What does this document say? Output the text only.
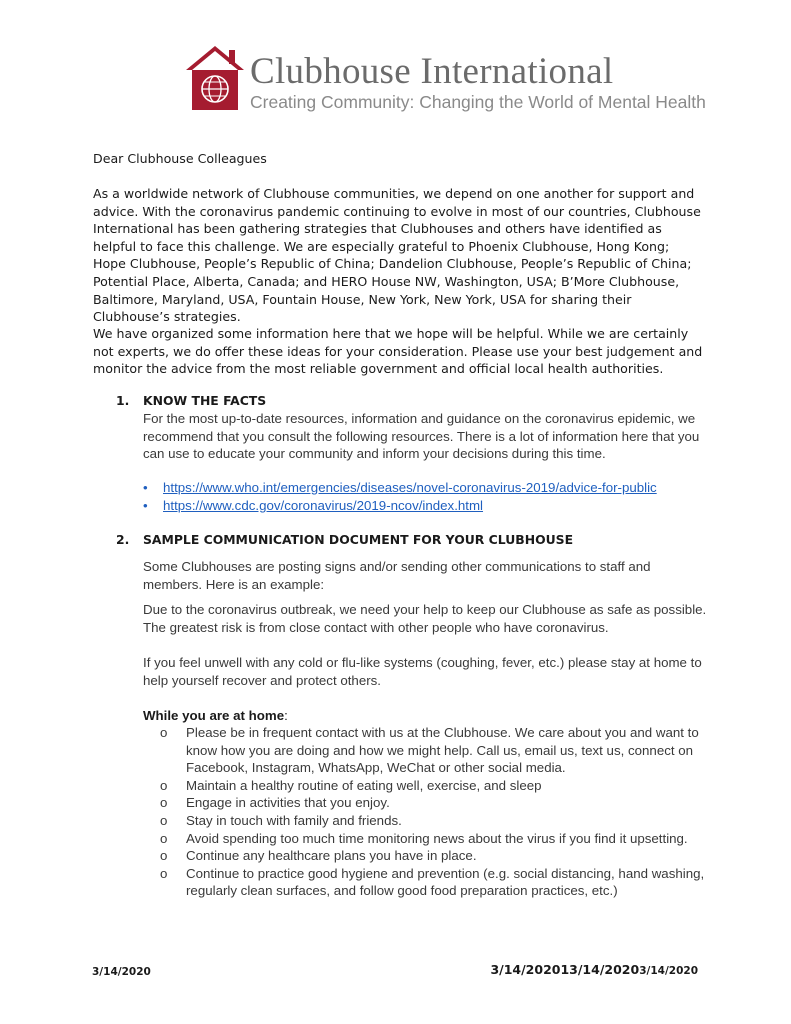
Clubhouse International
Creating Community: Changing the World of Mental Health
Dear Clubhouse Colleagues
As a worldwide network of Clubhouse communities, we depend on one another for support and advice. With the coronavirus pandemic continuing to evolve in most of our countries, Clubhouse International has been gathering strategies that Clubhouses and others have identified as helpful to face this challenge. We are especially grateful to Phoenix Clubhouse, Hong Kong; Hope Clubhouse, People’s Republic of China; Dandelion Clubhouse, People’s Republic of China; Potential Place, Alberta, Canada; and HERO House NW, Washington, USA; B’More Clubhouse, Baltimore, Maryland, USA, Fountain House, New York, New York, USA for sharing their Clubhouse’s strategies.
We have organized some information here that we hope will be helpful. While we are certainly not experts, we do offer these ideas for your consideration. Please use your best judgement and monitor the advice from the most reliable government and official local health authorities.
1. KNOW THE FACTS
For the most up-to-date resources, information and guidance on the coronavirus epidemic, we recommend that you consult the following resources. There is a lot of information here that you can use to educate your community and inform your decisions during this time.
• https://www.who.int/emergencies/diseases/novel-coronavirus-2019/advice-for-public
• https://www.cdc.gov/coronavirus/2019-ncov/index.html
2. SAMPLE COMMUNICATION DOCUMENT FOR YOUR CLUBHOUSE
Some Clubhouses are posting signs and/or sending other communications to staff and members. Here is an example:
Due to the coronavirus outbreak, we need your help to keep our Clubhouse as safe as possible. The greatest risk is from close contact with other people who have coronavirus.
If you feel unwell with any cold or flu-like systems (coughing, fever, etc.) please stay at home to help yourself recover and protect others.
While you are at home:
o Please be in frequent contact with us at the Clubhouse. We care about you and want to know how you are doing and how we might help. Call us, email us, text us, connect on Facebook, Instagram, WhatsApp, WeChat or other social media.
o Maintain a healthy routine of eating well, exercise, and sleep
o Engage in activities that you enjoy.
o Stay in touch with family and friends.
o Avoid spending too much time monitoring news about the virus if you find it upsetting.
o Continue any healthcare plans you have in place.
o Continue to practice good hygiene and prevention (e.g. social distancing, hand washing, regularly clean surfaces, and follow good food preparation practices, etc.)
3/14/2020	3/14/202013/14/20203/14/2020
